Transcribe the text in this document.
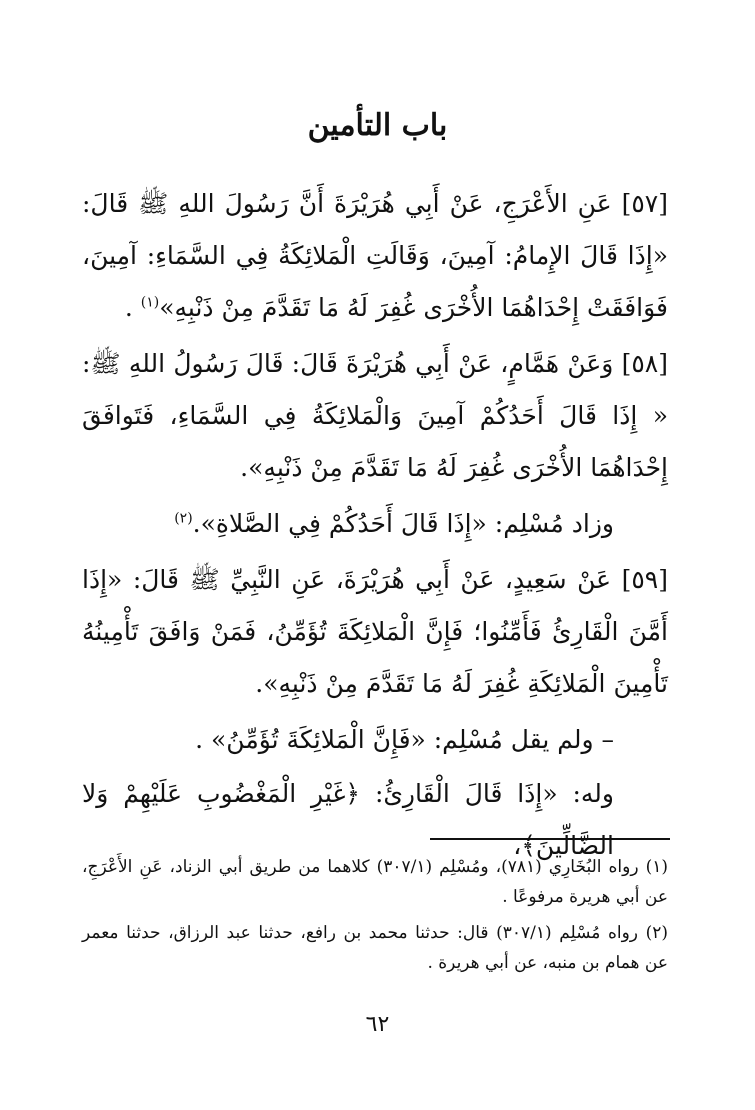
باب التأمين

[٥٧] عَنِ الأَعْرَجِ، عَنْ أَبِي هُرَيْرَةَ أَنَّ رَسُولَ اللهِ ﷺ قَالَ: «إِذَا قَالَ الإِمامُ: آمِينَ، وَقَالَتِ الْمَلائِكَةُ فِي السَّمَاءِ: آمِينَ، فَوَافَقَتْ إِحْدَاهُمَا الأُخْرَى غُفِرَ لَهُ مَا تَقَدَّمَ مِنْ ذَنْبِهِ»$^{(١)}$ .

[٥٨] وَعَنْ هَمَّامٍ، عَنْ أَبِي هُرَيْرَةَ قَالَ: قَالَ رَسُولُ اللهِ ﷺ: « إِذَا قَالَ أَحَدُكُمْ آمِينَ وَالْمَلائِكَةُ فِي السَّمَاءِ، فَتَوافَقَ إِحْدَاهُمَا الأُخْرَى غُفِرَ لَهُ مَا تَقَدَّمَ مِنْ ذَنْبِهِ».

وزاد مُسْلِم: «إِذَا قَالَ أَحَدُكُمْ فِي الصَّلاةِ».$^{(٢)}$

[٥٩] عَنْ سَعِيدٍ، عَنْ أَبِي هُرَيْرَةَ، عَنِ النَّبِيِّ ﷺ قَالَ: «إِذَا أَمَّنَ الْقَارِئُ فَأَمِّنُوا؛ فَإِنَّ الْمَلائِكَةَ تُؤَمِّنُ، فَمَنْ وَافَقَ تَأْمِينُهُ تَأْمِينَ الْمَلائِكَةِ غُفِرَ لَهُ مَا تَقَدَّمَ مِنْ ذَنْبِهِ».

– ولم يقل مُسْلِم: «فَإِنَّ الْمَلائِكَةَ تُؤَمِّنُ» .

وله: «إِذَا قَالَ الْقَارِئُ: ﴿غَيْرِ الْمَغْضُوبِ عَلَيْهِمْ وَلا الضَّالِّينَ﴾،

(١) رواه البُخَارِي (٧٨١)، ومُسْلِم (٣٠٧/١) كلاهما من طريق أبي الزناد، عَنِ الأَعْرَجِ، عن أبي هريرة مرفوعًا .

(٢) رواه مُسْلِم (٣٠٧/١) قال: حدثنا محمد بن رافع، حدثنا عبد الرزاق، حدثنا معمر عن همام بن منبه، عن أبي هريرة .

٦٢
